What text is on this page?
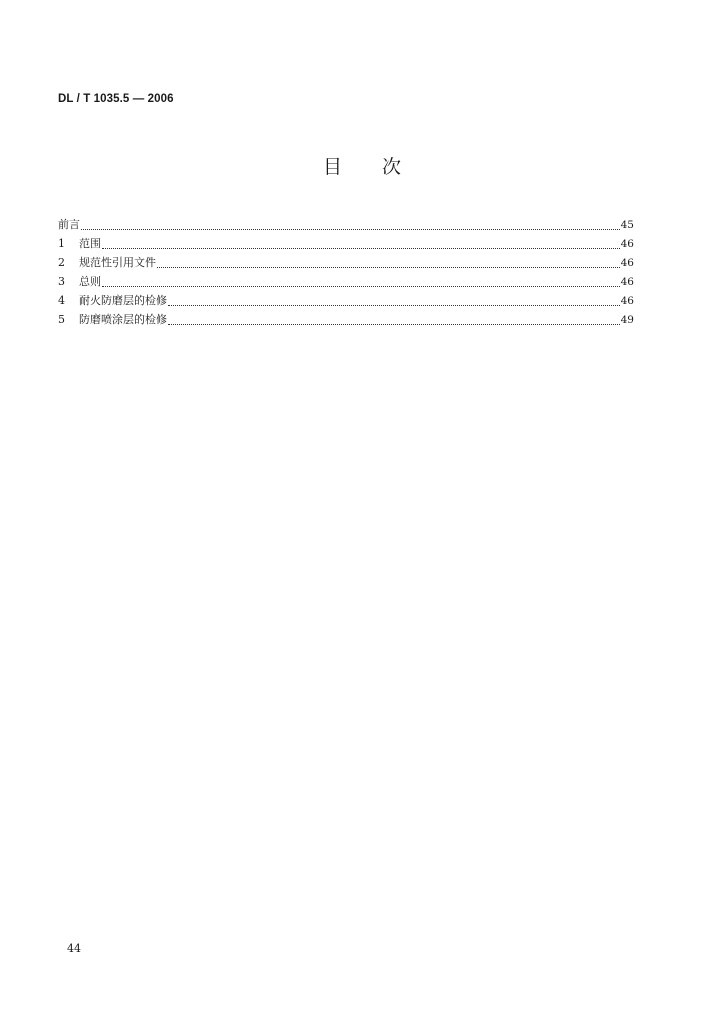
DL / T 1035.5 — 2006
目 次
前言	45
1	范围	46
2	规范性引用文件	46
3	总则	46
4	耐火防磨层的检修	46
5	防磨喷涂层的检修	49
44
